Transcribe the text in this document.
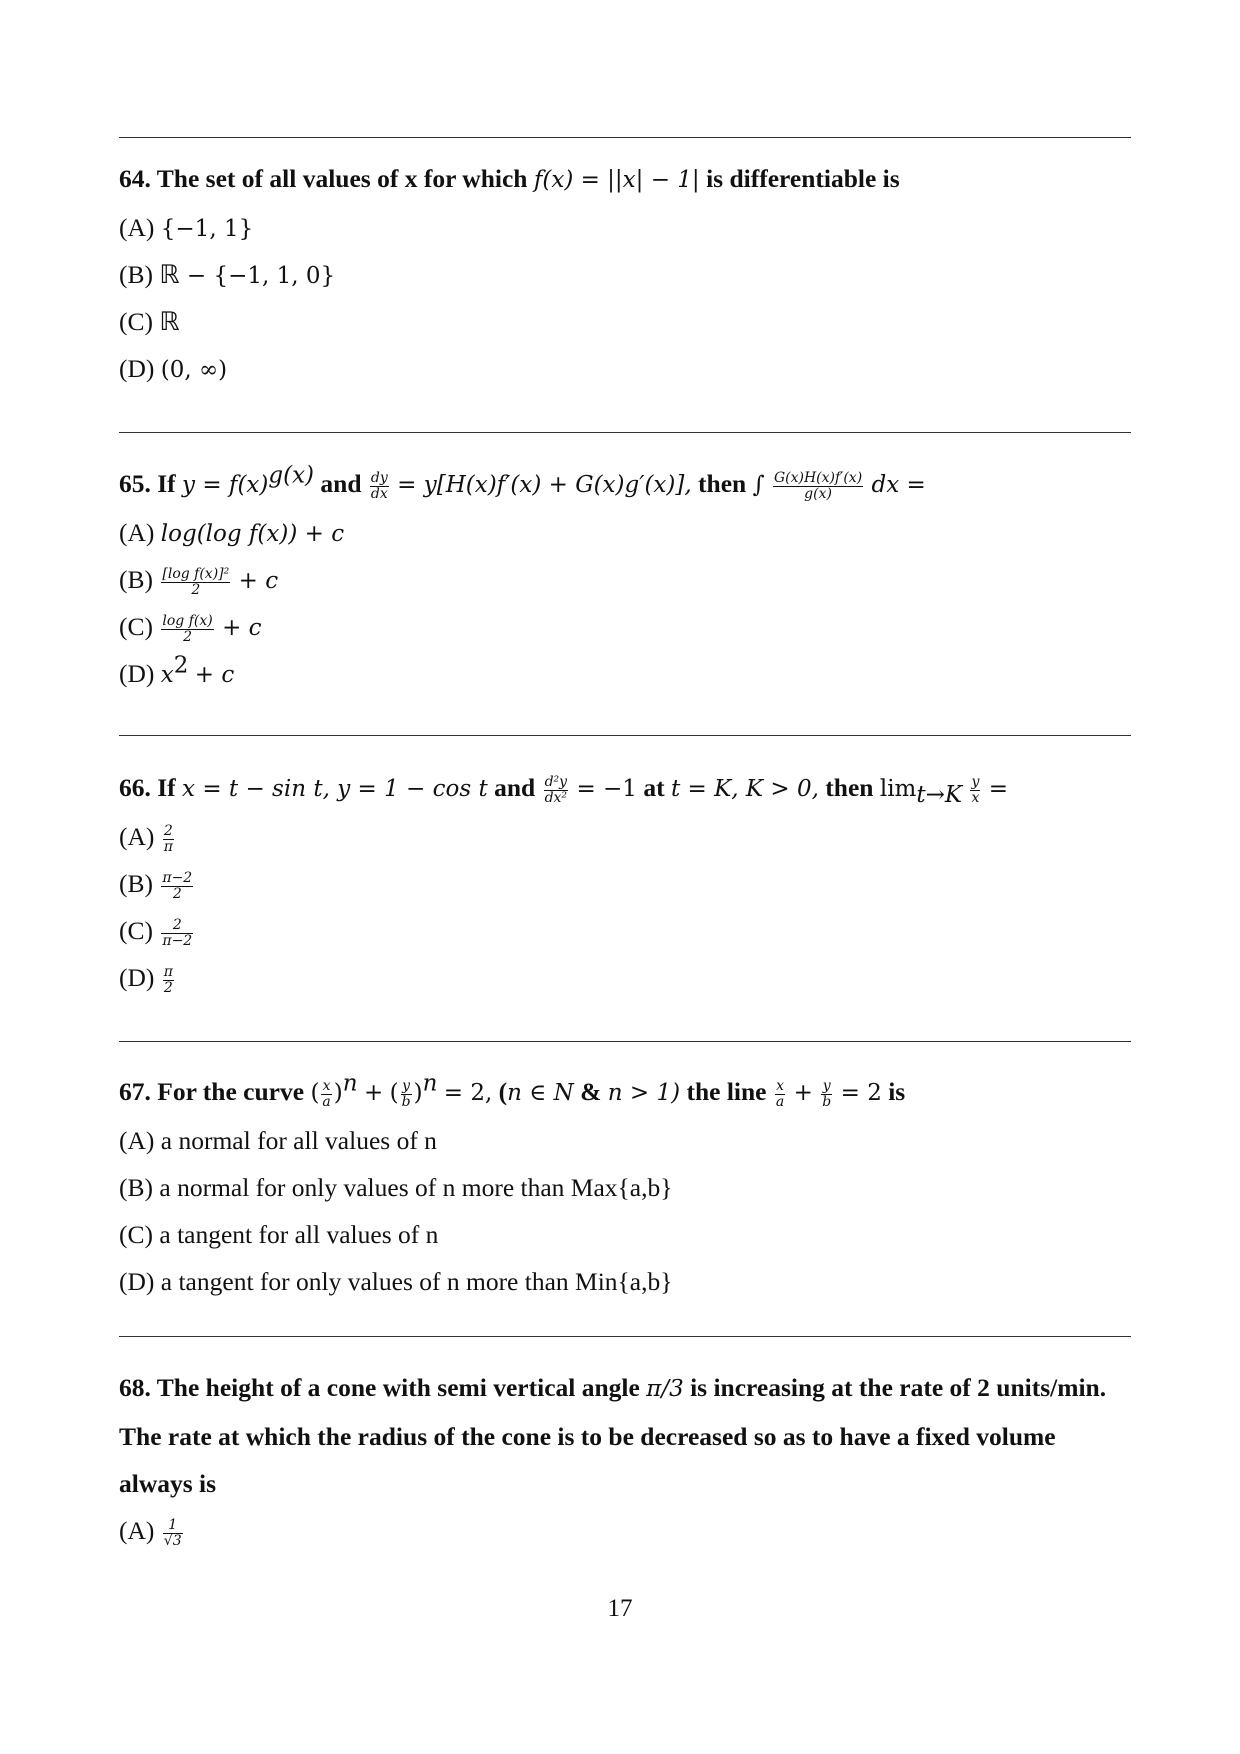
64. The set of all values of x for which f(x) = ||x| − 1| is differentiable is
(A) {−1, 1}
(B) ℝ − {−1, 1, 0}
(C) ℝ
(D) (0, ∞)
65. If $y = f(x)^{g(x)}$ and $\frac{dy}{dx} = y[H(x)f'(x) + G(x)g'(x)]$, then ∫ $\frac{G(x)H(x)f'(x)}{g(x)}$ dx =
(A) log(log f(x)) + c
$(B) \frac{\text{[log f(x)]²}}{2} + c$
$(C) \frac{\text{log f(x)}}{2} + c$
(D) $x^2 + c$
66. If x = t − sin t, y = 1 − cos t and $\frac{\text{d²y}}{\text{dx²}} = -1$ at t = K, K > 0, then $\lim_{t\to K} \frac{y}{x}$ =
$(A) \frac{2}{\pi}$
$(B) \frac{\pi-2}{2}$
$(C) \frac{2}{\pi-2}$
$(D) \frac{\pi}{2}$
67. For the curve ( $\frac{x}{a} )^n$ + ( $\frac{y}{b} )^n = 2$, (n ∈ N & n > 1) the line $\frac{x}{a} + \frac{y}{b} = 2$ is
(A) a normal for all values of n
(B) a normal for only values of n more than Max{a,b}
(C) a tangent for all values of n
(D) a tangent for only values of n more than Min{a,b}
68. The height of a cone with semi vertical angle π/3 is increasing at the rate of 2 units/min. The rate at which the radius of the cone is to be decreased so as to have a fixed volume always is
$(A) \frac{1}{√3}$
17
